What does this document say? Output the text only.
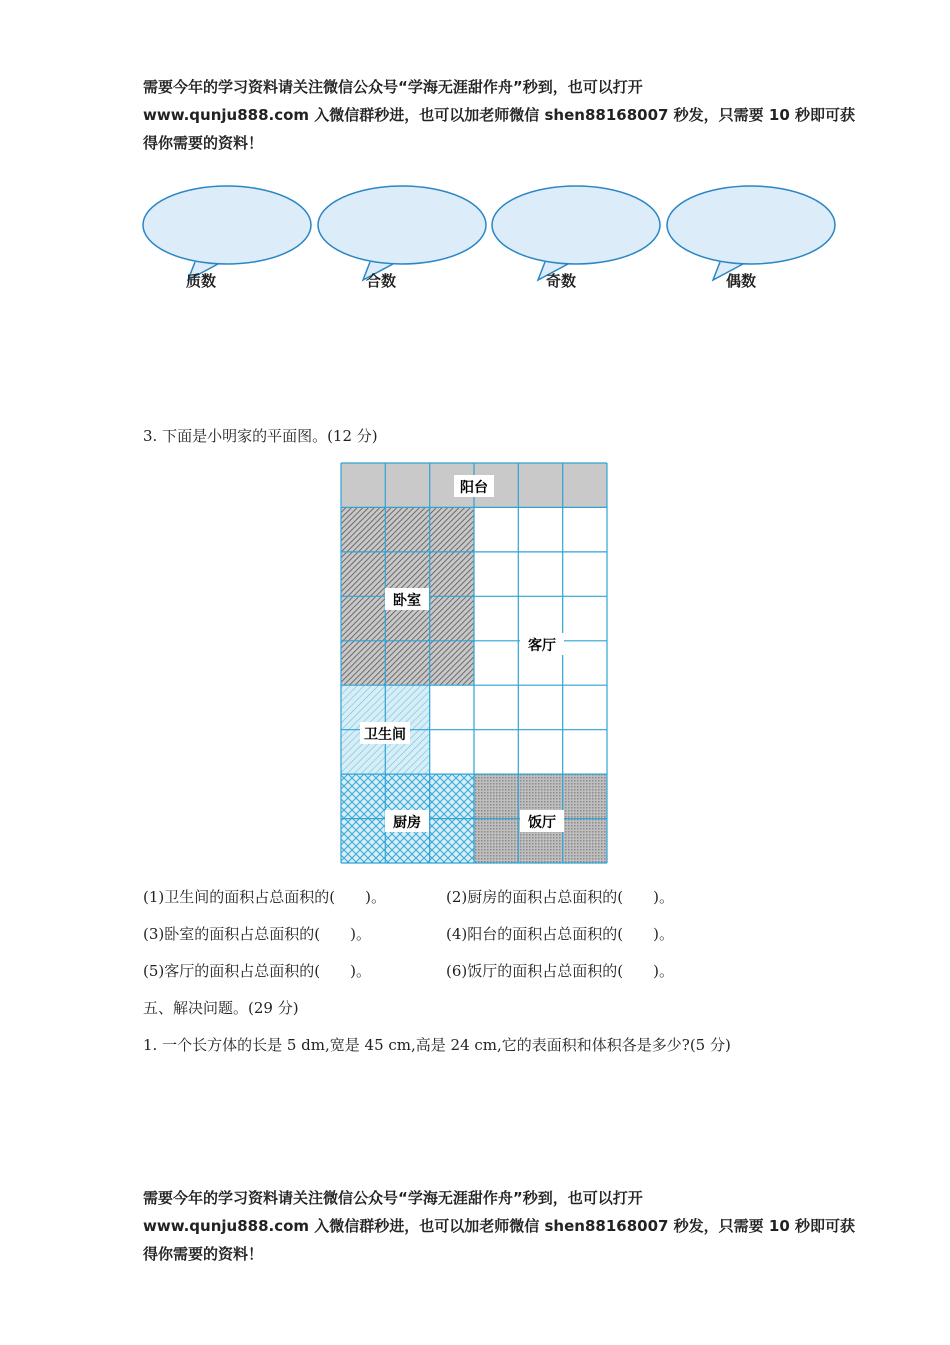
需要今年的学习资料请关注微信公众号“学海无涯甜作舟”秒到，也可以打开
www.qunju888.com 入微信群秒进，也可以加老师微信 shen88168007 秒发，只需要 10 秒即可获
得你需要的资料！
质数	合数	奇数	偶数
3. 下面是小明家的平面图。(12 分)
阳台
卧室
客厅
卫生间
厨房	饭厅
(1)卫生间的面积占总面积的(　　)。	(2)厨房的面积占总面积的(　　)。
(3)卧室的面积占总面积的(　　)。	(4)阳台的面积占总面积的(　　)。
(5)客厅的面积占总面积的(　　)。	(6)饭厅的面积占总面积的(　　)。
五、解决问题。(29 分)
1. 一个长方体的长是 5 dm,宽是 45 cm,高是 24 cm,它的表面积和体积各是多少?(5 分)
需要今年的学习资料请关注微信公众号“学海无涯甜作舟”秒到，也可以打开
www.qunju888.com 入微信群秒进，也可以加老师微信 shen88168007 秒发，只需要 10 秒即可获
得你需要的资料！
